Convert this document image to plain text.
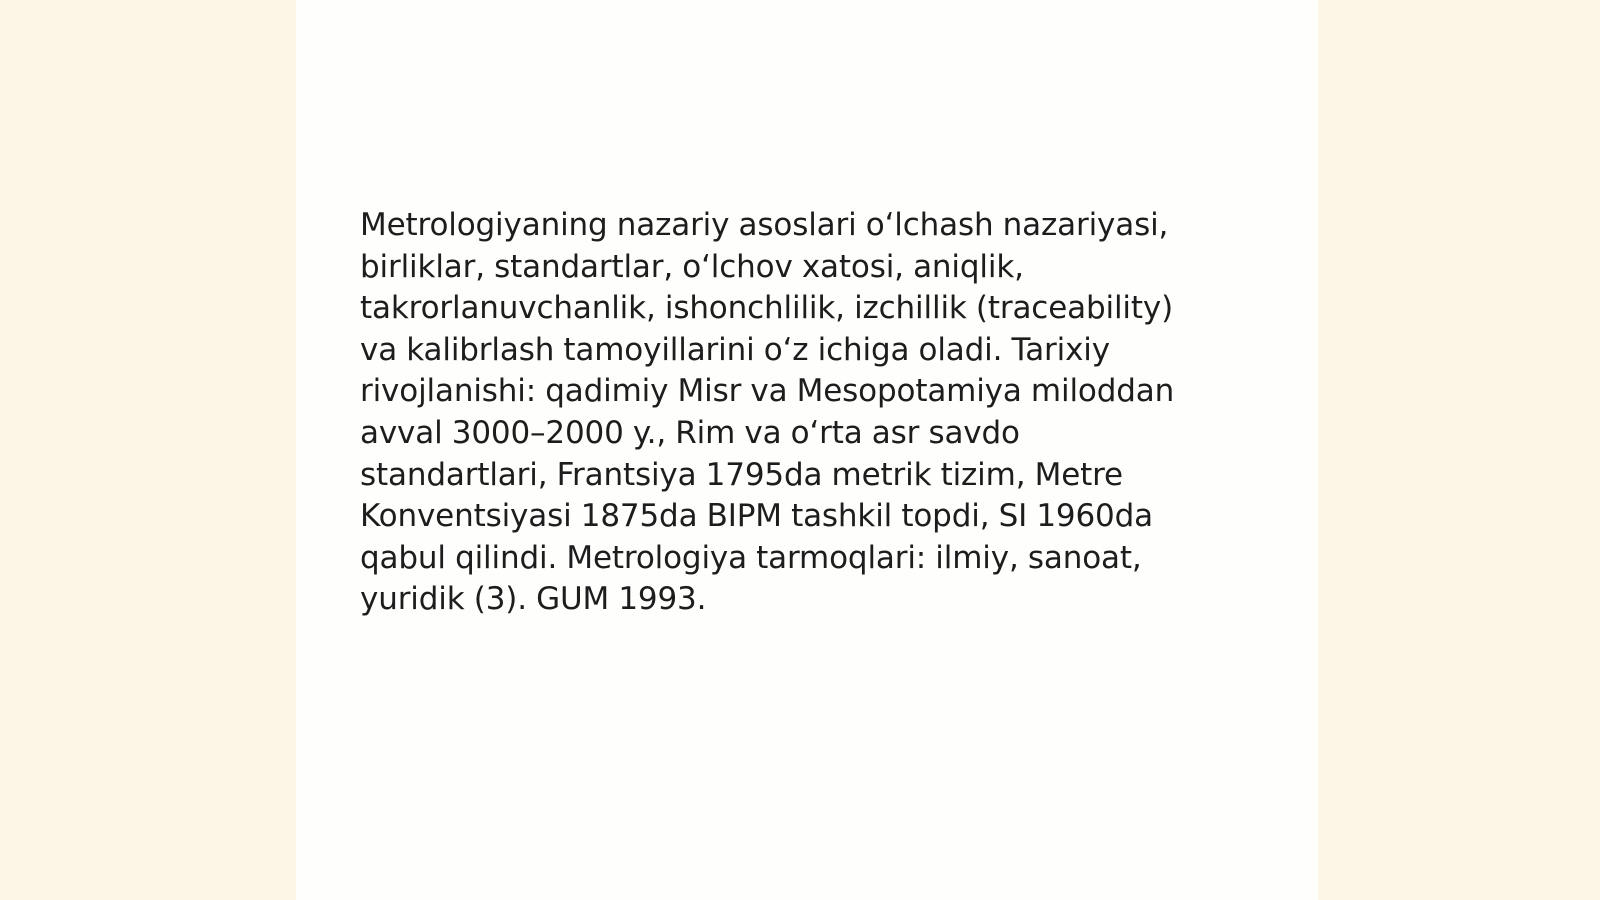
Metrologiyaning nazariy asoslari o‘lchash nazariyasi,
birliklar, standartlar, o‘lchov xatosi, aniqlik,
takrorlanuvchanlik, ishonchlilik, izchillik (traceability)
va kalibrlash tamoyillarini o‘z ichiga oladi. Tarixiy
rivojlanishi: qadimiy Misr va Mesopotamiya miloddan
avval 3000–2000 y., Rim va o‘rta asr savdo
standartlari, Frantsiya 1795da metrik tizim, Metre
Konventsiyasi 1875da BIPM tashkil topdi, SI 1960da
qabul qilindi. Metrologiya tarmoqlari: ilmiy, sanoat,
yuridik (3). GUM 1993.
